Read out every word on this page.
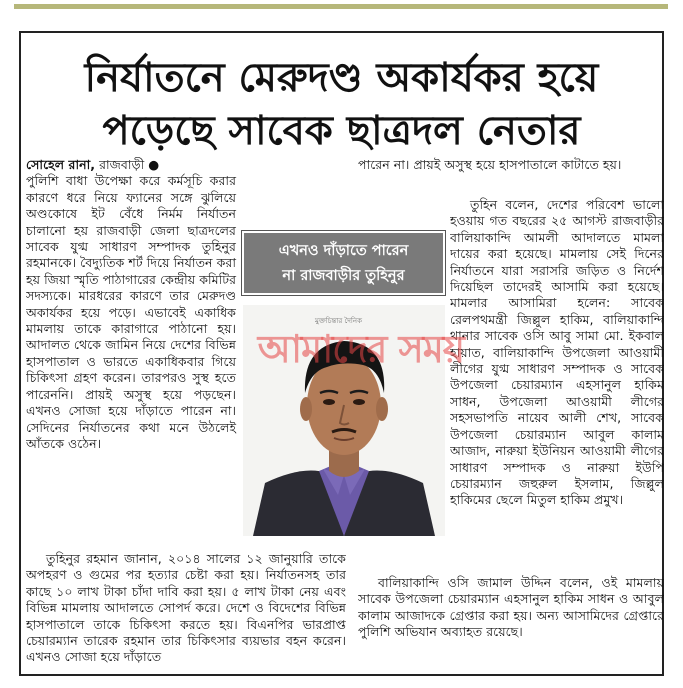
নির্যাতনে মেরুদণ্ড অকার্যকর হয়ে
পড়েছে সাবেক ছাত্রদল নেতার

সোহেল রানা, রাজবাড়ী ●

পুলিশি বাধা উপেক্ষা করে কর্মসূচি করার কারণে ধরে নিয়ে ফ্যানের সঙ্গে ঝুলিয়ে অণ্ডকোষে ইট বেঁধে নির্মম নির্যাতন চালানো হয় রাজবাড়ী জেলা ছাত্রদলের সাবেক যুগ্ম সাধারণ সম্পাদক তুহিনুর রহমানকে। বৈদ্যুতিক শর্ট দিয়ে নির্যাতন করা হয় জিয়া স্মৃতি পাঠাগারের কেন্দ্রীয় কমিটির সদস্যকে। মারধরের কারণে তার মেরুদণ্ড অকার্যকর হয়ে পড়ে। এভাবেই একাধিক মামলায় তাকে কারাগারে পাঠানো হয়। আদালত থেকে জামিন নিয়ে দেশের বিভিন্ন হাসপাতাল ও ভারতে একাধিকবার গিয়ে চিকিৎসা গ্রহণ করেন। তারপরও সুস্থ হতে পারেননি। প্রায়ই অসুস্থ হয়ে পড়ছেন। এখনও সোজা হয়ে দাঁড়াতে পারেন না। সেদিনের নির্যাতনের কথা মনে উঠলেই আঁতকে ওঠেন।

তুহিনুর রহমান জানান, ২০১৪ সালের ১২ জানুয়ারি তাকে অপহরণ ও গুমের পর হত্যার চেষ্টা করা হয়। নির্যাতনসহ তার কাছে ১০ লাখ টাকা চাঁদা দাবি করা হয়। ৫ লাখ টাকা নেয় এবং বিভিন্ন মামলায় আদালতে সোপর্দ করে। দেশে ও বিদেশের বিভিন্ন হাসপাতালে তাকে চিকিৎসা করতে হয়। বিএনপির ভারপ্রাপ্ত চেয়ারম্যান তারেক রহমান তার চিকিৎসার ব্যয়ভার বহন করেন। এখনও সোজা হয়ে দাঁড়াতে

পারেন না। প্রায়ই অসুস্থ হয়ে হাসপাতালে কাটাতে হয়।

তুহিন বলেন, দেশের পরিবেশ ভালো হওয়ায় গত বছরের ২৫ আগস্ট রাজবাড়ীর বালিয়াকান্দি আমলী আদালতে মামলা দায়ের করা হয়েছে। মামলায় সেই দিনের নির্যাতনে যারা সরাসরি জড়িত ও নির্দেশ দিয়েছিল তাদেরই আসামি করা হয়েছে। মামলার আসামিরা হলেন: সাবেক রেলপথমন্ত্রী জিল্লুল হাকিম, বালিয়াকান্দি থানার সাবেক ওসি আবু সামা মো. ইকবাল হায়াত, বালিয়াকান্দি উপজেলা আওয়ামী লীগের যুগ্ম সাধারণ সম্পাদক ও সাবেক উপজেলা চেয়ারম্যান এহসানুল হাকিম সাধন, উপজেলা আওয়ামী লীগের সহসভাপতি নায়েব আলী শেখ, সাবেক উপজেলা চেয়ারম্যান আবুল কালাম আজাদ, নারুয়া ইউনিয়ন আওয়ামী লীগের সাধারণ সম্পাদক ও নারুয়া ইউপি চেয়ারম্যান জহুরুল ইসলাম, জিল্লুল হাকিমের ছেলে মিতুল হাকিম প্রমুখ।

বালিয়াকান্দি ওসি জামাল উদ্দিন বলেন, ওই মামলায় সাবেক উপজেলা চেয়ারম্যান এহসানুল হাকিম সাধন ও আবুল কালাম আজাদকে গ্রেপ্তার করা হয়। অন্য আসামিদের গ্রেপ্তারে পুলিশি অভিযান অব্যাহত রয়েছে।

এখনও দাঁড়াতে পারেন
না রাজবাড়ীর তুহিনুর
মুক্তচিন্তার দৈনিক
আমাদের সময়
